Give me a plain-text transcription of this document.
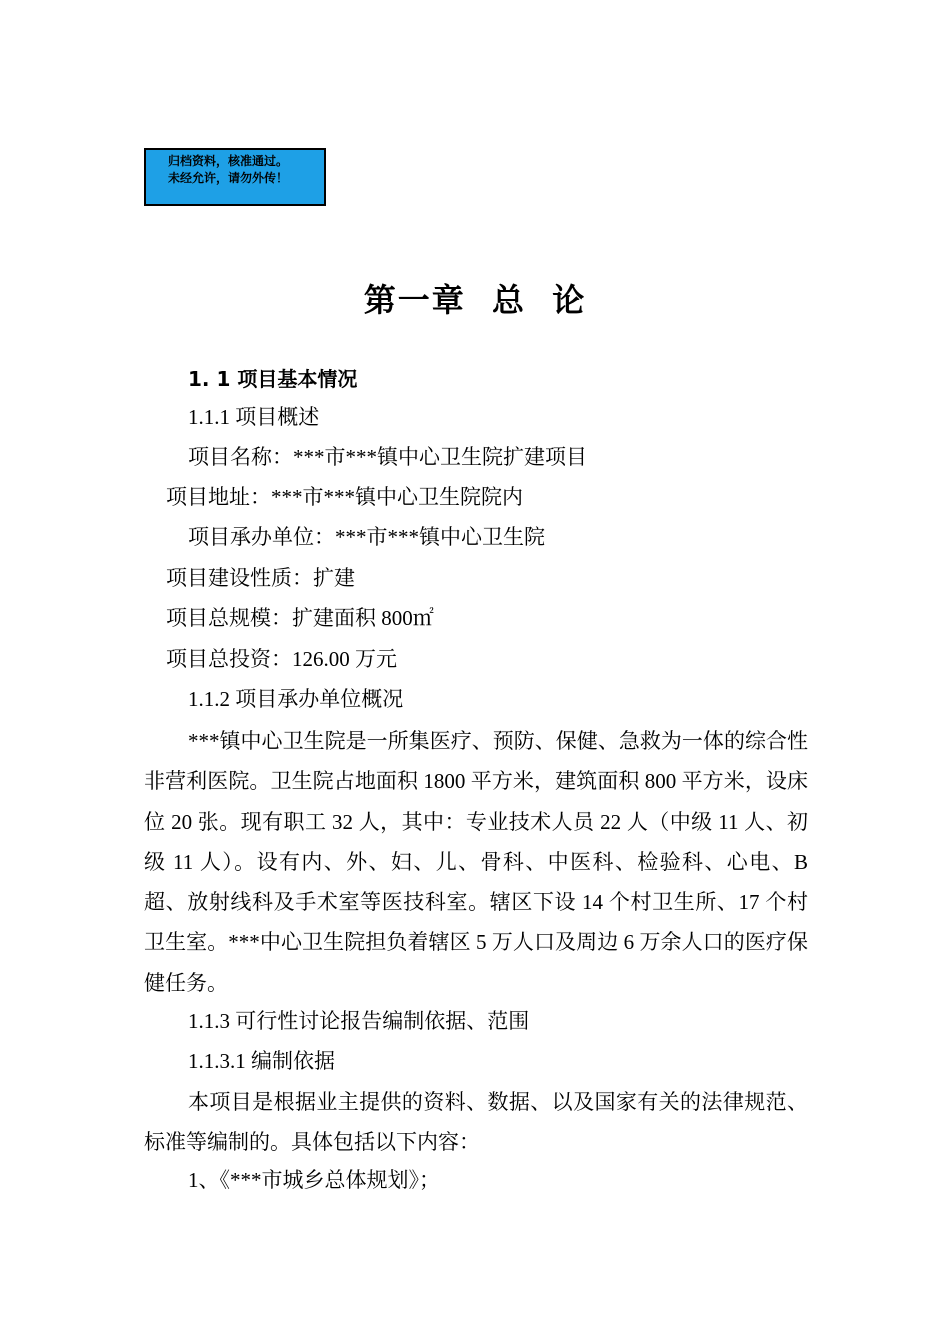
归档资料，核准通过。
未经允许，请勿外传！
第一章  总  论
1. 1 项目基本情况
1.1.1 项目概述
项目名称：***市***镇中心卫生院扩建项目
项目地址：***市***镇中心卫生院院内
项目承办单位：***市***镇中心卫生院
项目建设性质：扩建
项目总规模：扩建面积 800㎡
项目总投资：126.00 万元
1.1.2 项目承办单位概况
***镇中心卫生院是一所集医疗、预防、保健、急救为一体的综合性非营利医院。卫生院占地面积 1800 平方米，建筑面积 800 平方米，设床位 20 张。现有职工 32 人，其中：专业技术人员 22 人（中级 11 人、初级 11 人）。设有内、外、妇、儿、骨科、中医科、检验科、心电、B 超、放射线科及手术室等医技科室。辖区下设 14 个村卫生所、17 个村卫生室。***中心卫生院担负着辖区 5 万人口及周边 6 万余人口的医疗保健任务。
1.1.3 可行性讨论报告编制依据、范围
1.1.3.1 编制依据
本项目是根据业主提供的资料、数据、以及国家有关的法律规范、标准等编制的。具体包括以下内容：
1、《***市城乡总体规划》；
